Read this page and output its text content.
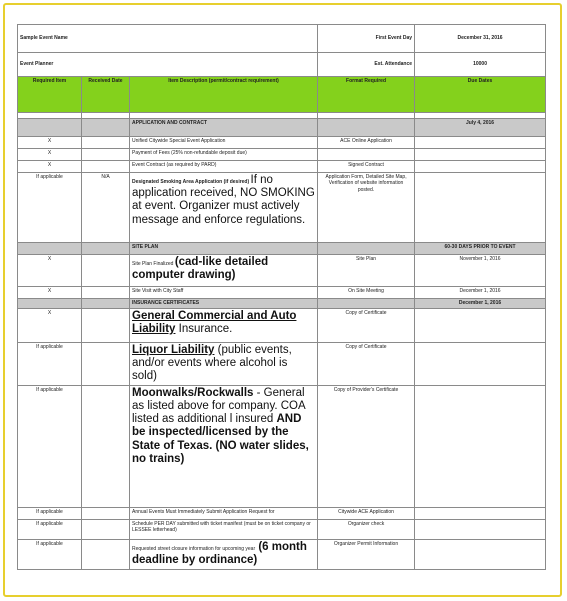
Sample Event Name			First Event Day	December 31, 2016
Event Planner			Est. Attendance	10000
Required Item	Received Date	Item Description (permit/contract requirement)	Format Required	Due Dates

		APPLICATION AND CONTRACT		July 4, 2016
X		Unified Citywide Special Event Application	ACE Online Application	
X		Payment of Fees (25% non-refundable deposit due)		
X		Event Contract (as required by PARD)	Signed Contract	
If applicable	N/A	Designated Smoking Area Application (if desired) If no application received, NO SMOKING at event. Organizer must actively message and enforce regulations.	Application Form, Detailed Site Map, Verification of website information posted.	
		SITE PLAN		60-30 DAYS PRIOR TO EVENT
X		Site Plan Finalized (cad-like detailed computer drawing)	Site Plan	November 1, 2016
X		Site Visit with City Staff	On Site Meeting	December 1, 2016
		INSURANCE CERTIFICATES		December 1, 2016
X		General Commercial and Auto Liability Insurance.	Copy of Certificate	
If applicable		Liquor Liability (public events, and/or events where alcohol is sold)	Copy of Certificate	
If applicable		Moonwalks/Rockwalls - General as listed above for company. COA listed as additional l insured AND be inspected/licensed by the State of Texas. (NO water slides, no trains)	Copy of Provider's Certificate	
If applicable		Annual Events Must Immediately Submit Application Request for	Citywide ACE Application	
If applicable		Schedule PER DAY submitted with ticket manifest (must be on ticket company or LESSEE letterhead)	Organizer check	
If applicable		Requested street closure information for upcoming year (6 month deadline by ordinance)	Organizer Permit Information	
